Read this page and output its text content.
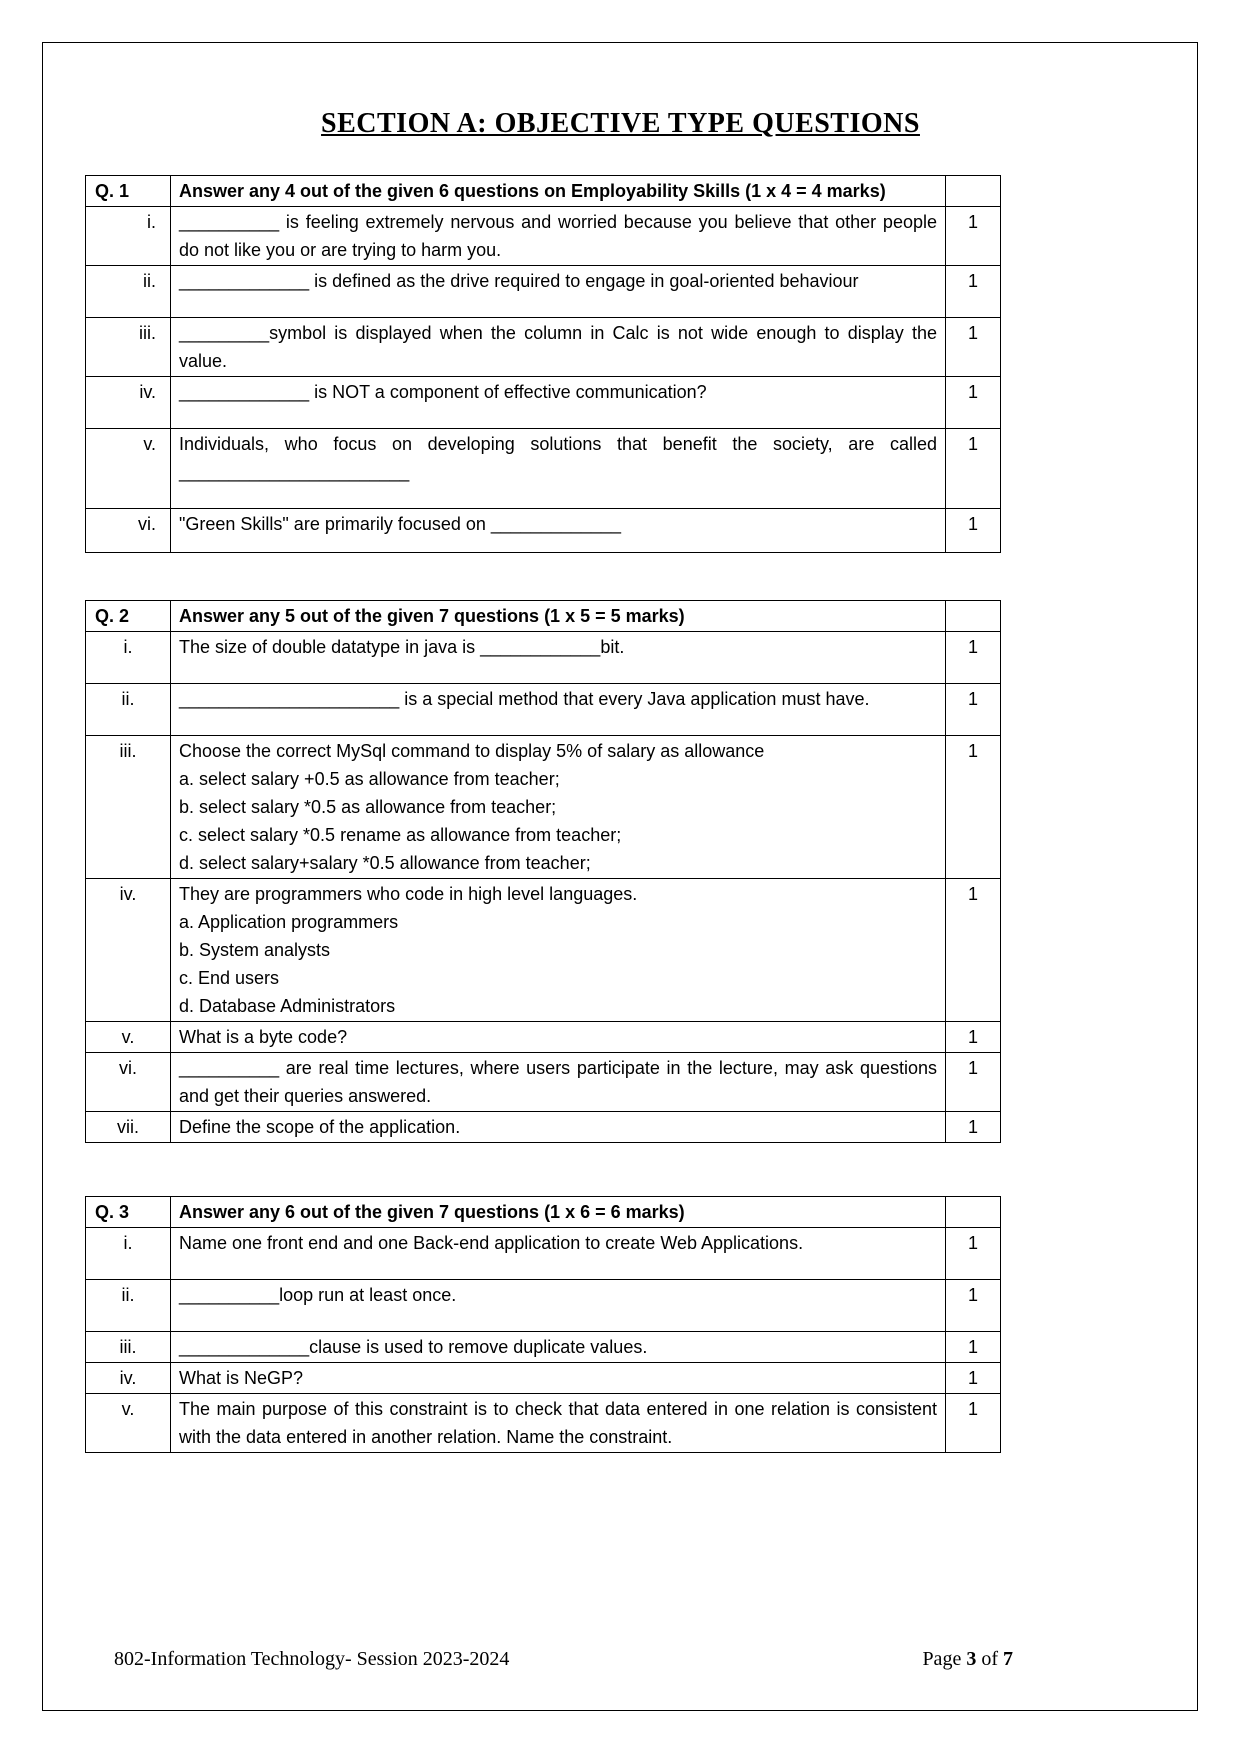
SECTION A: OBJECTIVE TYPE QUESTIONS
Q. 1	Answer any 4 out of the given 6 questions on Employability Skills (1 x 4 = 4 marks)	
i.	__________ is feeling extremely nervous and worried because you believe that other people do not like you or are trying to harm you.	1
ii.	_____________ is defined as the drive required to engage in goal-oriented behaviour	1
iii.	_________symbol is displayed when the column in Calc is not wide enough to display the value.	1
iv.	_____________ is NOT a component of effective communication?	1
v.	Individuals, who focus on developing solutions that benefit the society, are called _______________________	1
vi.	"Green Skills" are primarily focused on _____________	1
Q. 2	Answer any 5 out of the given 7 questions (1 x 5 = 5 marks)	
i.	The size of double datatype in java is ____________bit.	1
ii.	______________________ is a special method that every Java application must have.	1
iii.	Choose the correct MySql command to display 5% of salary as allowance
a. select salary +0.5 as allowance from teacher;
b. select salary *0.5 as allowance from teacher;
c. select salary *0.5 rename as allowance from teacher;
d. select salary+salary *0.5 allowance from teacher;	1
iv.	They are programmers who code in high level languages.
a. Application programmers
b. System analysts
c. End users
d. Database Administrators	1
v.	What is a byte code?	1
vi.	__________ are real time lectures, where users participate in the lecture, may ask questions and get their queries answered.	1
vii.	Define the scope of the application.	1
Q. 3	Answer any 6 out of the given 7 questions (1 x 6 = 6 marks)	
i.	Name one front end and one Back-end application to create Web Applications.	1
ii.	__________loop run at least once.	1
iii.	_____________clause is used to remove duplicate values.	1
iv.	What is NeGP?	1
v.	The main purpose of this constraint is to check that data entered in one relation is consistent with the data entered in another relation. Name the constraint.	1
802-Information Technology- Session 2023-2024	Page 3 of 7
